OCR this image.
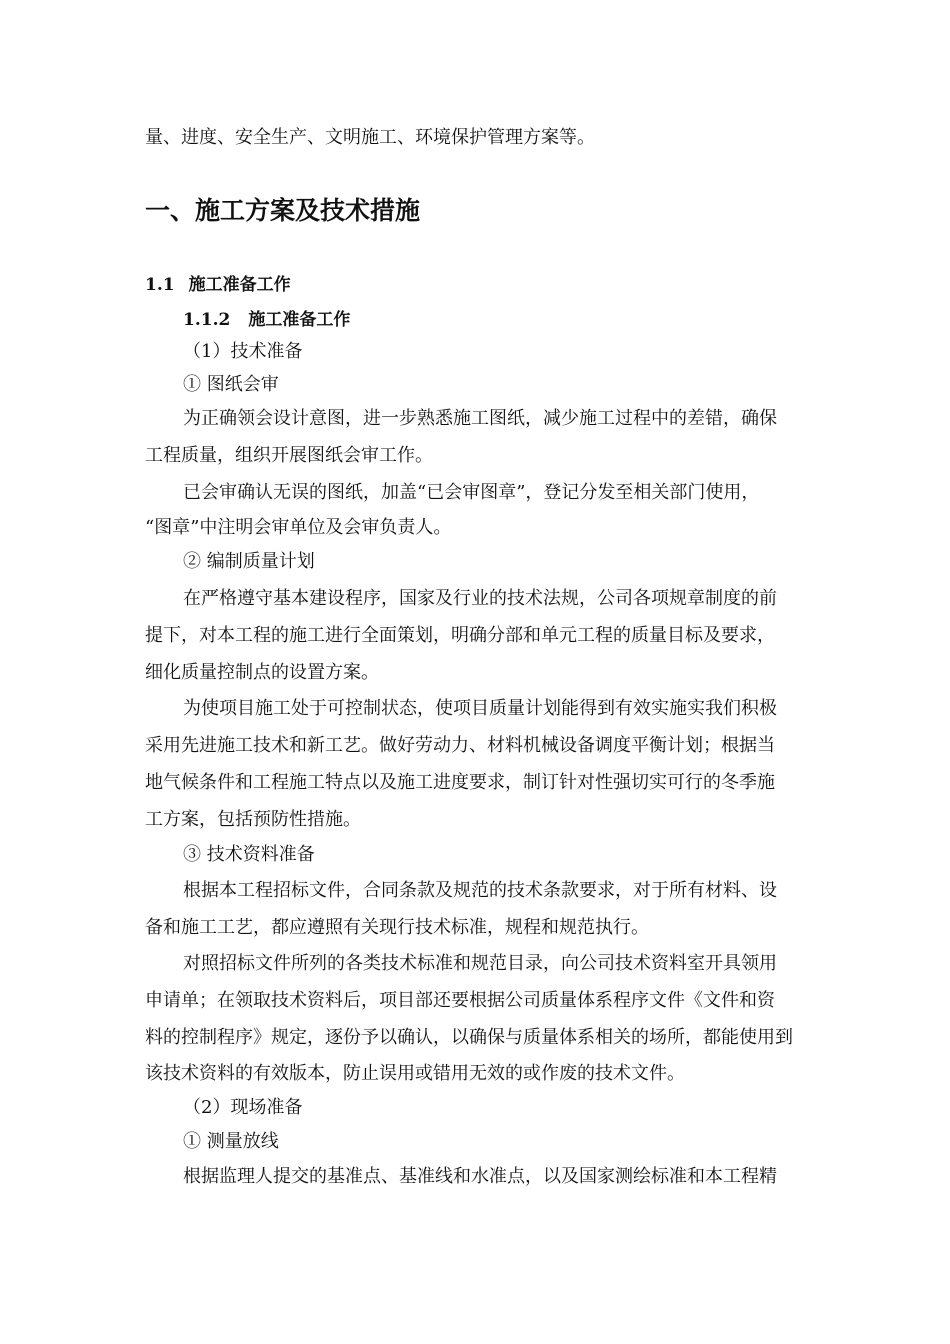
量、进度、安全生产、文明施工、环境保护管理方案等。
一、施工方案及技术措施
1.1 施工准备工作
1.1.2 施工准备工作
（1）技术准备
① 图纸会审
为正确领会设计意图，进一步熟悉施工图纸，减少施工过程中的差错，确保
工程质量，组织开展图纸会审工作。
已会审确认无误的图纸，加盖“已会审图章”，登记分发至相关部门使用，
“图章”中注明会审单位及会审负责人。
② 编制质量计划
在严格遵守基本建设程序，国家及行业的技术法规，公司各项规章制度的前
提下，对本工程的施工进行全面策划，明确分部和单元工程的质量目标及要求，
细化质量控制点的设置方案。
为使项目施工处于可控制状态，使项目质量计划能得到有效实施实我们积极
采用先进施工技术和新工艺。做好劳动力、材料机械设备调度平衡计划；根据当
地气候条件和工程施工特点以及施工进度要求，制订针对性强切实可行的冬季施
工方案，包括预防性措施。
③ 技术资料准备
根据本工程招标文件，合同条款及规范的技术条款要求，对于所有材料、设
备和施工工艺，都应遵照有关现行技术标准，规程和规范执行。
对照招标文件所列的各类技术标准和规范目录，向公司技术资料室开具领用
申请单；在领取技术资料后，项目部还要根据公司质量体系程序文件《文件和资
料的控制程序》规定，逐份予以确认，以确保与质量体系相关的场所，都能使用到
该技术资料的有效版本，防止误用或错用无效的或作废的技术文件。
（2）现场准备
① 测量放线
根据监理人提交的基准点、基准线和水准点，以及国家测绘标准和本工程精
